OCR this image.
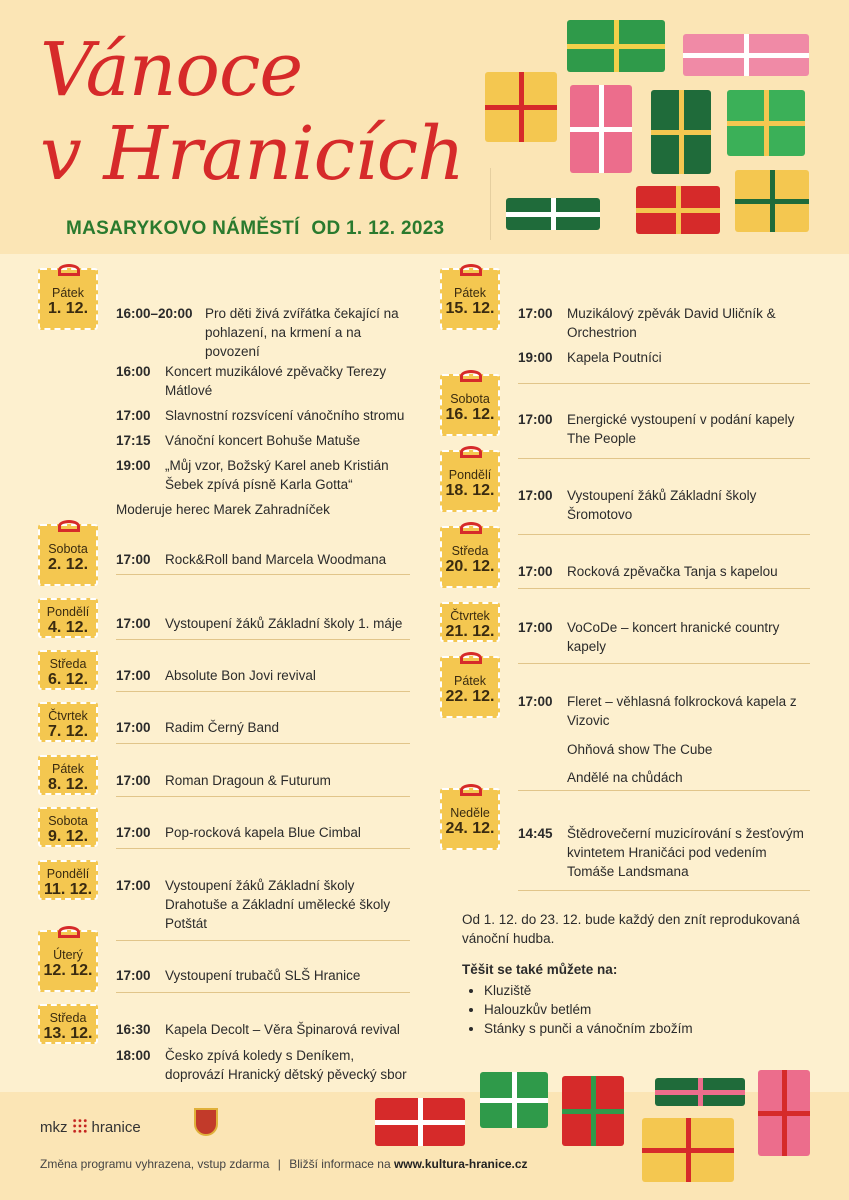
Vánoce
v Hranicích
MASARYKOVO NÁMĚSTÍ OD 1. 12. 2023
Pátek
1. 12.	16:00–20:00 Pro děti živá zvířátka čekající na pohlazení, na krmení a na povození
16:00 Koncert muzikálové zpěvačky Terezy Mátlové
17:00 Slavnostní rozsvícení vánočního stromu
17:15 Vánoční koncert Bohuše Matuše
19:00 „Můj vzor, Božský Karel aneb Kristián Šebek zpívá písně Karla Gotta“
Moderuje herec Marek Zahradníček
Sobota
2. 12.	17:00 Rock&Roll band Marcela Woodmana
Pondělí
4. 12.	17:00 Vystoupení žáků Základní školy 1. máje
Středa
6. 12.	17:00 Absolute Bon Jovi revival
Čtvrtek
7. 12.	17:00 Radim Černý Band
Pátek
8. 12.	17:00 Roman Dragoun & Futurum
Sobota
9. 12.	17:00 Pop-rocková kapela Blue Cimbal
Pondělí
11. 12. 17:00 Vystoupení žáků Základní školy Drahotuše a Základní umělecké školy Potštát
Úterý
12. 12. 17:00 Vystoupení trubačů SLŠ Hranice
Středa
13. 12. 16:30 Kapela Decolt – Věra Špinarová revival
18:00 Česko zpívá koledy s Deníkem, doprovází Hranický dětský pěvecký sbor
Pátek
15. 12. 17:00 Muzikálový zpěvák David Uličník & Orchestrion
19:00 Kapela Poutníci
Sobota
16. 12. 17:00 Energické vystoupení v podání kapely The People
Pondělí
18. 12. 17:00 Vystoupení žáků Základní školy Šromotovo
Středa
20. 12. 17:00 Rocková zpěvačka Tanja s kapelou
Čtvrtek
21. 12. 17:00 VoCoDe – koncert hranické country kapely
Pátek
22. 12. 17:00 Fleret – věhlasná folkrocková kapela z Vizovic
Ohňová show The Cube
Andělé na chůdách
Neděle
24. 12. 14:45 Štědrovečerní muzicírování s žesťovým kvintetem Hraničáci pod vedením Tomáše Landsmana
Od 1. 12. do 23. 12. bude každý den znít reprodukovaná vánoční hudba.
Těšit se také můžete na:
• Kluziště
• Halouzkův betlém
• Stánky s punči a vánočním zbožím
mkz hranice
Změna programu vyhrazena, vstup zdarma | Bližší informace na www.kultura-hranice.cz
